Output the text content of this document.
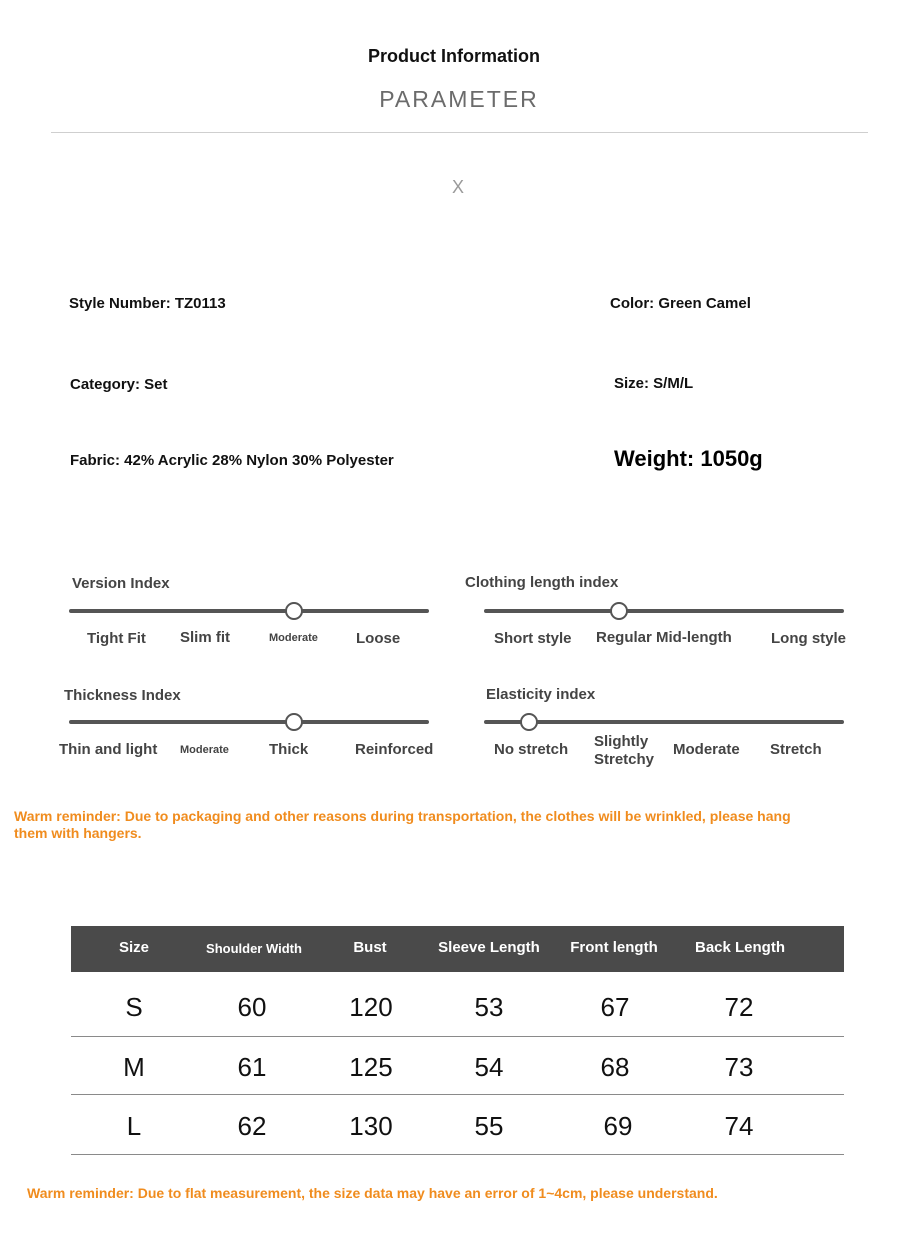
Product Information
PARAMETER
X
Style Number: TZ0113	Color: Green Camel
Category: Set	Size: S/M/L
Fabric: 42% Acrylic 28% Nylon 30% Polyester	Weight: 1050g
Version Index
Tight Fit Slim fit	Moderate	Loose
Clothing length index
Short style Regular Mid-length	Long style
Thickness Index
Thin and light Moderate	Thick	Reinforced
Elasticity index
No stretch Slightly Stretchy
Moderate Stretch
Warm reminder: Due to packaging and other reasons during transportation, the clothes will be wrinkled, please hang them with hangers.
Size	Shoulder Width	Bust	Sleeve Length	Front length	Back Length
S	60	120	53	67	72
M	61	125	54	68	73
L	62	130	55	69	74
Warm reminder: Due to flat measurement, the size data may have an error of 1~4cm, please understand.
